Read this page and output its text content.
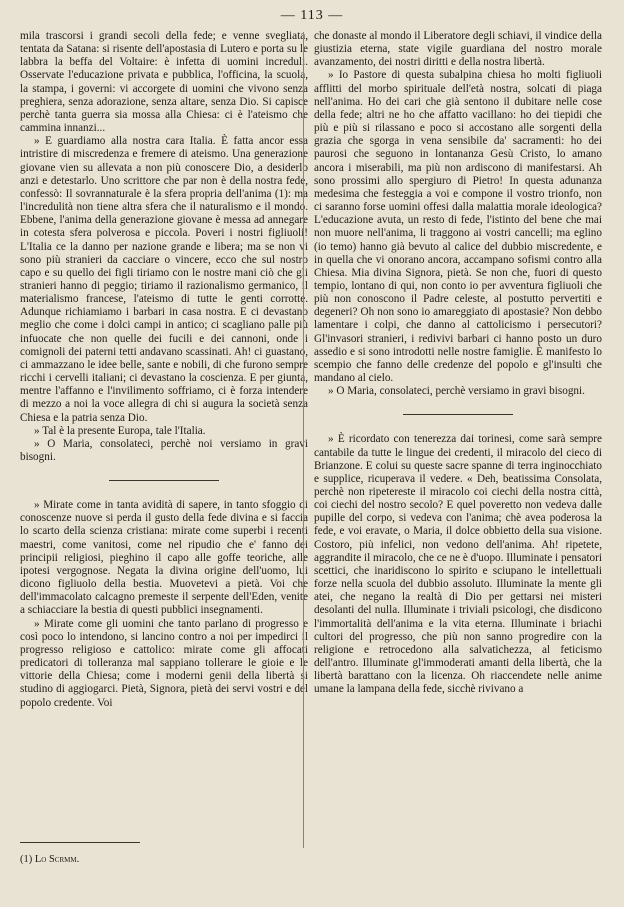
— 113 —

mila trascorsi i grandi secoli della fede; e venne svegliata, tentata da Satana: si risente dell'apostasia di Lutero e porta su le labbra la beffa del Voltaire: è infetta di uomini increduli. Osservate l'educazione privata e pubblica, l'officina, la scuola, la stampa, i governi: vi accorgete di uomini che vivono senza preghiera, senza adorazione, senza altare, senza Dio. Si capisce perchè tanta guerra sia mossa alla Chiesa: ci è l'ateismo che cammina innanzi...

» E guardiamo alla nostra cara Italia. È fatta ancor essa intristire di miscredenza e fremere di ateismo. Una generazione giovane vien su allevata a non più conoscere Dio, a desiderlo anzi e detestarlo. Uno scrittore che par non è della nostra fede, confessò: Il sovrannaturale è la sfera propria dell'anima (1): ma l'incredulità non tiene altra sfera che il naturalismo e il mondo. Ebbene, l'anima della generazione giovane è messa ad annegare in cotesta sfera polverosa e piccola. Poveri i nostri figliuoli! L'Italia ce la danno per nazione grande e libera; ma se non vi sono più stranieri da cacciare o vincere, ecco che sul nostro capo e su quello dei figli tiriamo con le nostre mani ciò che gli stranieri hanno di peggio; tiriamo il razionalismo germanico, il materialismo francese, l'ateismo di tutte le genti corrotte. Adunque richiamiamo i barbari in casa nostra. E ci devastano meglio che come i dolci campi in antico; ci scagliano palle più infuocate che non quelle dei fucili e dei cannoni, onde i comignoli dei paterni tetti andavano scassinati. Ah! ci guastano, ci ammazzano le idee belle, sante e nobili, di che furono sempre ricchi i cervelli italiani; ci devastano la coscienza. E per giunta, mentre l'affanno e l'invilimento soffriamo, ci è forza intendere di mezzo a noi la voce allegra di chi si augura la società senza Chiesa e la patria senza Dio.

» Tal è la presente Europa, tale l'Italia.

» O Maria, consolateci, perchè noi versiamo in gravi bisogni.

» Mirate come in tanta avidità di sapere, in tanto sfoggio di conoscenze nuove si perda il gusto della fede divina e si faccia lo scarto della scienza cristiana: mirate come superbi i recenti maestri, come vanitosi, come nel ripudio che e' fanno dei principii religiosi, pieghino il capo alle goffe teoriche, alle ipotesi vergognose. Negata la divina origine dell'uomo, lui dicono figliuolo della bestia. Muovetevi a pietà. Voi che dell'immacolato calcagno premeste il serpente dell'Eden, venite a schiacciare la bestia di questi pubblici insegnamenti.

» Mirate come gli uomini che tanto parlano di progresso e così poco lo intendono, si lancino contro a noi per impedirci il progresso religioso e cattolico: mirate come gli affocati predicatori di tolleranza mal sappiano tollerare le gioie e le vittorie della Chiesa; come i moderni genii della libertà si studino di aggiogarci. Pietà, Signora, pietà dei servi vostri e del popolo credente. Voi

che donaste al mondo il Liberatore degli schiavi, il vindice della giustizia eterna, state vigile guardiana del nostro morale avanzamento, dei nostri diritti e della nostra libertà.

» Io Pastore di questa subalpina chiesa ho molti figliuoli afflitti del morbo spirituale dell'età nostra, solcati di piaga nell'anima. Ho dei cari che già sentono il dubitare nelle cose della fede; altri ne ho che affatto vacillano: ho dei tiepidi che più e più si rilassano e poco si accostano alle sorgenti della grazia che sgorga in vena sensibile da' sacramenti: ho dei paurosi che seguono in lontananza Gesù Cristo, lo amano ancora i miserabili, ma più non ardiscono di manifestarsi. Ah sono prossimi allo spergiuro di Pietro! In questa adunanza medesima che festeggia a voi e compone il vostro trionfo, non ci saranno forse uomini offesi dalla malattia morale ideologica? L'educazione avuta, un resto di fede, l'istinto del bene che mai non muore nell'anima, li traggono ai vostri cancelli; ma eglino (io temo) hanno già bevuto al calice del dubbio miscredente, e in quella che vi onorano ancora, accampano sofismi contro alla Chiesa. Mia divina Signora, pietà. Se non che, fuori di questo tempio, lontano di qui, non conto io per avventura figliuoli che più non conoscono il Padre celeste, al postutto pervertiti e degeneri? Oh non sono io amareggiato di apostasie? Non debbo lamentare i colpi, che danno al cattolicismo i persecutori? Gl'invasori stranieri, i redivivi barbari ci hanno posto un duro assedio e si sono introdotti nelle nostre famiglie. È manifesto lo scempio che fanno delle credenze del popolo e gl'insulti che mandano al cielo.

» O Maria, consolateci, perchè versiamo in gravi bisogni.

» È ricordato con tenerezza dai torinesi, come sarà sempre cantabile da tutte le lingue dei credenti, il miracolo del cieco di Brianzone. E colui su queste sacre spanne di terra inginocchiato e supplice, ricuperava il vedere. « Deh, beatissima Consolata, perchè non ripetereste il miracolo coi ciechi della nostra città, coi ciechi del nostro secolo? E quel poveretto non vedeva dalle pupille del corpo, si vedeva con l'anima; chè avea poderosa la fede, e voi eravate, o Maria, il dolce obbietto della sua visione. Costoro, più infelici, non vedono dell'anima. Ah! ripetete, aggrandite il miracolo, che ce ne è d'uopo. Illuminate i pensatori scettici, che inaridiscono lo spirito e sciupano le intellettuali forze nella scuola del dubbio assoluto. Illuminate la mente gli atei, che negano la realtà di Dio per gettarsi nei misteri desolanti del nulla. Illuminate i triviali psicologi, che disdicono l'immortalità dell'anima e la vita eterna. Illuminate i briachi cultori del progresso, che più non sanno progredire con la religione e retrocedono alla salvatichezza, al feticismo dell'antro. Illuminate gl'immoderati amanti della libertà, che la libertà barattano con la licenza. Oh riaccendete nelle anime umane la lampana della fede, sicchè rivivano a

(1) Lo Scrmm.
